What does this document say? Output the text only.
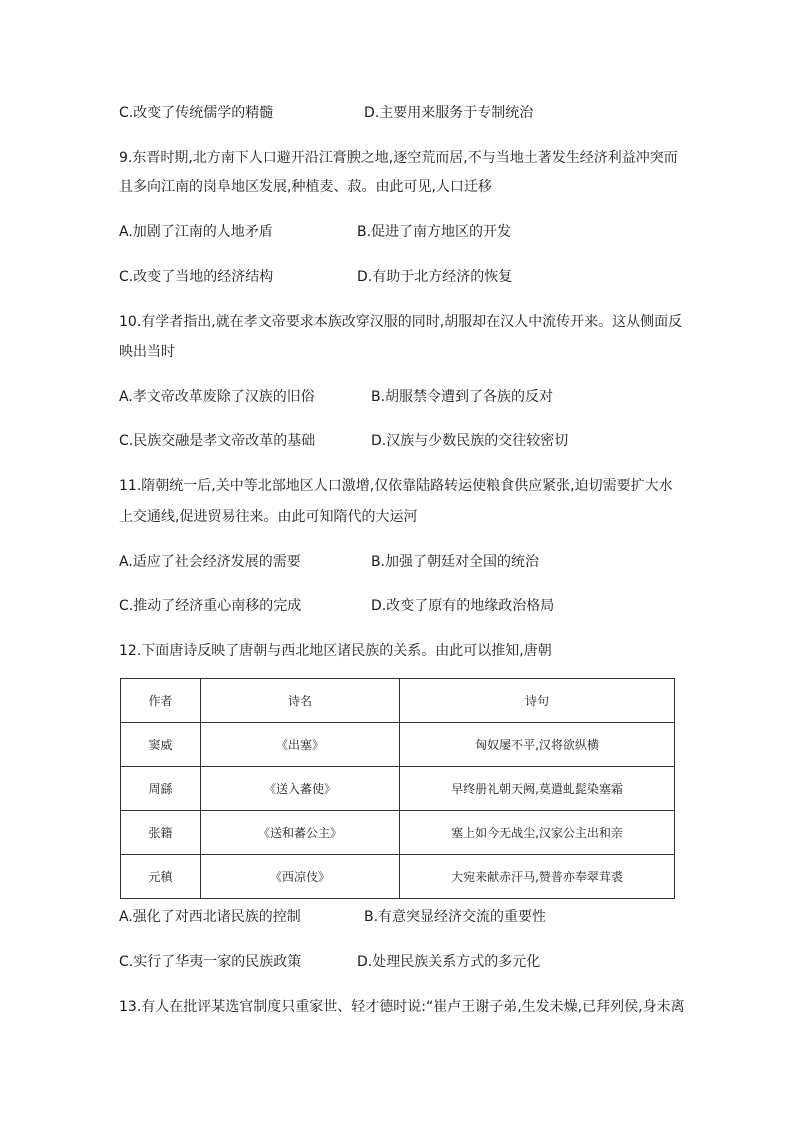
C.改变了传统儒学的精髓	D.主要用来服务于专制统治
9.东晋时期,北方南下人口避开沿江膏腴之地,逐空荒而居,不与当地土著发生经济利益冲突而
且多向江南的岗阜地区发展,种植麦、菽。由此可见,人口迁移
A.加剧了江南的人地矛盾	B.促进了南方地区的开发
C.改变了当地的经济结构	D.有助于北方经济的恢复
10.有学者指出,就在孝文帝要求本族改穿汉服的同时,胡服却在汉人中流传开来。这从侧面反
映出当时
A.孝文帝改革废除了汉族的旧俗	B.胡服禁令遭到了各族的反对
C.民族交融是孝文帝改革的基础	D.汉族与少数民族的交往较密切
11.隋朝统一后,关中等北部地区人口激增,仅依靠陆路转运使粮食供应紧张,迫切需要扩大水
上交通线,促进贸易往来。由此可知隋代的大运河
A.适应了社会经济发展的需要	B.加强了朝廷对全国的统治
C.推动了经济重心南移的完成	D.改变了原有的地缘政治格局
12.下面唐诗反映了唐朝与西北地区诸民族的关系。由此可以推知,唐朝
作者	诗名	诗句
窦威	《出塞》	匈奴屡不平,汉将欲纵横
周繇	《送入蕃使》	早终册礼朝天阙,莫遣虬髭染塞霜
张籍	《送和蕃公主》	塞上如今无战尘,汉家公主出和亲
元稹	《西凉伎》	大宛来献赤汗马,赞普亦奉翠茸裘
A.强化了对西北诸民族的控制	B.有意突显经济交流的重要性
C.实行了华夷一家的民族政策	D.处理民族关系方式的多元化
13.有人在批评某选官制度只重家世、轻才德时说:“崔卢王谢子弟,生发未燥,已拜列侯,身未离
